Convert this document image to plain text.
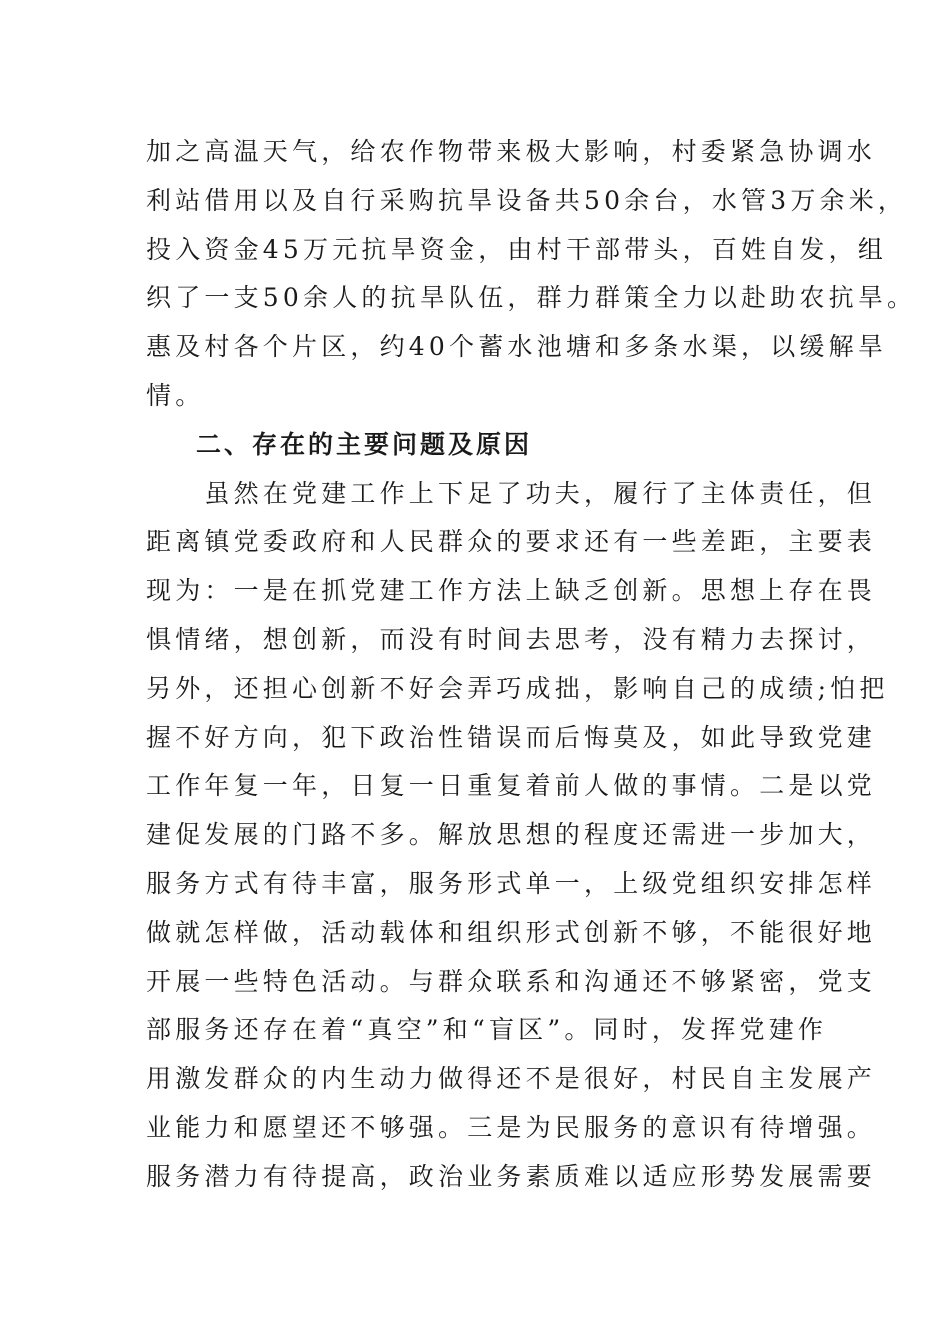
加之高温天气，给农作物带来极大影响，村委紧急协调水
利站借用以及自行采购抗旱设备共50余台，水管3万余米，
投入资金45万元抗旱资金，由村干部带头，百姓自发，组
织了一支50余人的抗旱队伍，群力群策全力以赴助农抗旱。
惠及村各个片区，约40个蓄水池塘和多条水渠，以缓解旱
情。
二、存在的主要问题及原因
　　虽然在党建工作上下足了功夫，履行了主体责任，但
距离镇党委政府和人民群众的要求还有一些差距，主要表
现为：一是在抓党建工作方法上缺乏创新。思想上存在畏
惧情绪，想创新，而没有时间去思考，没有精力去探讨，
另外，还担心创新不好会弄巧成拙，影响自己的成绩;怕把
握不好方向，犯下政治性错误而后悔莫及，如此导致党建
工作年复一年，日复一日重复着前人做的事情。二是以党
建促发展的门路不多。解放思想的程度还需进一步加大，
服务方式有待丰富，服务形式单一，上级党组织安排怎样
做就怎样做，活动载体和组织形式创新不够，不能很好地
开展一些特色活动。与群众联系和沟通还不够紧密，党支
部服务还存在着“真空”和“盲区”。同时，发挥党建作
用激发群众的内生动力做得还不是很好，村民自主发展产
业能力和愿望还不够强。三是为民服务的意识有待增强。
服务潜力有待提高，政治业务素质难以适应形势发展需要
